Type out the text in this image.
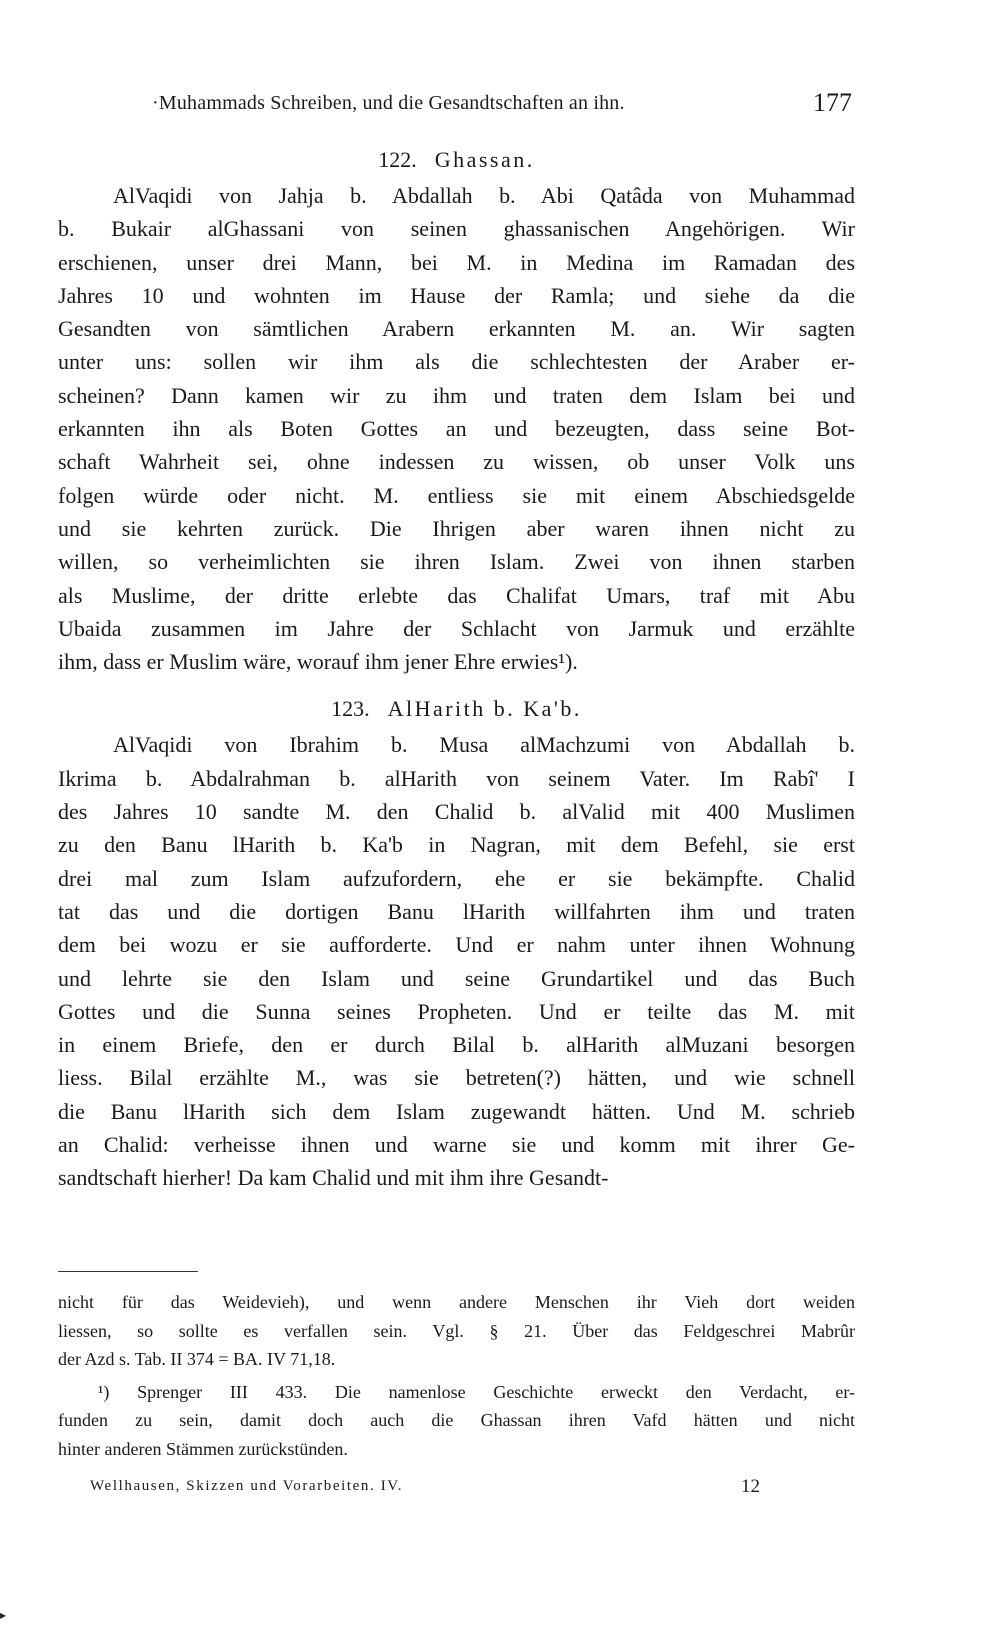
·Muhammads Schreiben, und die Gesandtschaften an ihn.	177
122. Ghassan.
AlVaqidi von Jahja b. Abdallah b. Abi Qatâda von Muhammad
b. Bukair alGhassani von seinen ghassanischen Angehörigen. Wir
erschienen, unser drei Mann, bei M. in Medina im Ramadan des
Jahres 10 und wohnten im Hause der Ramla; und siehe da die
Gesandten von sämtlichen Arabern erkannten M. an. Wir sagten
unter uns: sollen wir ihm als die schlechtesten der Araber er-
scheinen? Dann kamen wir zu ihm und traten dem Islam bei und
erkannten ihn als Boten Gottes an und bezeugten, dass seine Bot-
schaft Wahrheit sei, ohne indessen zu wissen, ob unser Volk uns
folgen würde oder nicht. M. entliess sie mit einem Abschiedsgelde
und sie kehrten zurück. Die Ihrigen aber waren ihnen nicht zu
willen, so verheimlichten sie ihren Islam. Zwei von ihnen starben
als Muslime, der dritte erlebte das Chalifat Umars, traf mit Abu
Ubaida zusammen im Jahre der Schlacht von Jarmuk und erzählte
ihm, dass er Muslim wäre, worauf ihm jener Ehre erwies¹).
123. AlHarith b. Ka'b.
AlVaqidi von Ibrahim b. Musa alMachzumi von Abdallah b.
Ikrima b. Abdalrahman b. alHarith von seinem Vater. Im Rabî' I
des Jahres 10 sandte M. den Chalid b. alValid mit 400 Muslimen
zu den Banu lHarith b. Ka'b in Nagran, mit dem Befehl, sie erst
drei mal zum Islam aufzufordern, ehe er sie bekämpfte. Chalid
tat das und die dortigen Banu lHarith willfahrten ihm und traten
dem bei wozu er sie aufforderte. Und er nahm unter ihnen Wohnung
und lehrte sie den Islam und seine Grundartikel und das Buch
Gottes und die Sunna seines Propheten. Und er teilte das M. mit
in einem Briefe, den er durch Bilal b. alHarith alMuzani besorgen
liess. Bilal erzählte M., was sie betreten(?) hätten, und wie schnell
die Banu lHarith sich dem Islam zugewandt hätten. Und M. schrieb
an Chalid: verheisse ihnen und warne sie und komm mit ihrer Ge-
sandtschaft hierher! Da kam Chalid und mit ihm ihre Gesandt-
nicht für das Weidevieh), und wenn andere Menschen ihr Vieh dort weiden
liessen, so sollte es verfallen sein. Vgl. § 21. Über das Feldgeschrei Mabrûr
der Azd s. Tab. II 374 = BA. IV 71,18.
¹) Sprenger III 433. Die namenlose Geschichte erweckt den Verdacht, er-
funden zu sein, damit doch auch die Ghassan ihren Vafd hätten und nicht
hinter anderen Stämmen zurückstünden.
Wellhausen, Skizzen und Vorarbeiten. IV.	12
▸
